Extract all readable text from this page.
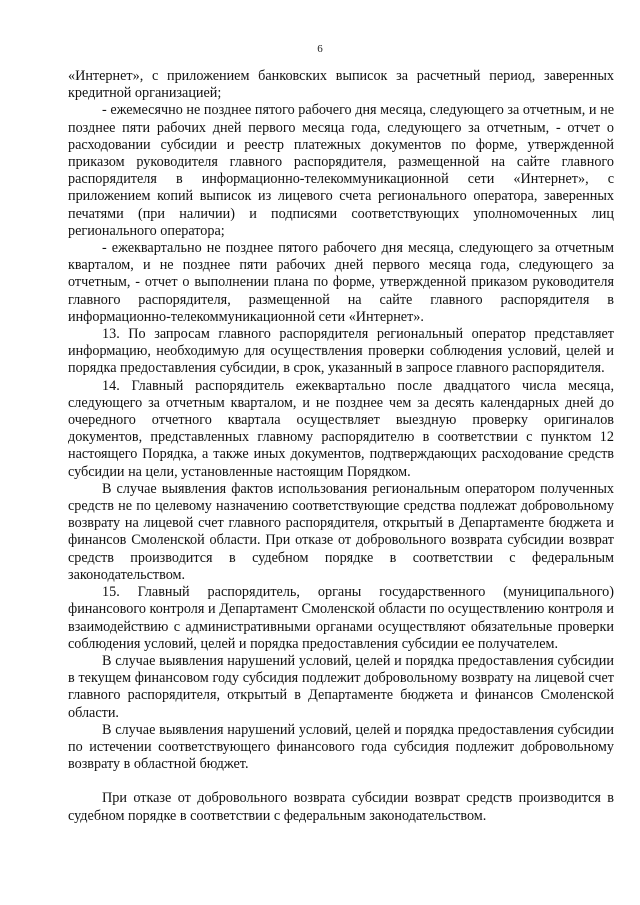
6

«Интернет», с приложением банковских выписок за расчетный период, заверенных кредитной организацией;

- ежемесячно не позднее пятого рабочего дня месяца, следующего за отчетным, и не позднее пяти рабочих дней первого месяца года, следующего за отчетным, - отчет о расходовании субсидии и реестр платежных документов по форме, утвержденной приказом руководителя главного распорядителя, размещенной на сайте главного распорядителя в информационно-телекоммуникационной сети «Интернет», с приложением копий выписок из лицевого счета регионального оператора, заверенных печатями (при наличии) и подписями соответствующих уполномоченных лиц регионального оператора;

- ежеквартально не позднее пятого рабочего дня месяца, следующего за отчетным кварталом, и не позднее пяти рабочих дней первого месяца года, следующего за отчетным, - отчет о выполнении плана по форме, утвержденной приказом руководителя главного распорядителя, размещенной на сайте главного распорядителя в информационно-телекоммуникационной сети «Интернет».

13. По запросам главного распорядителя региональный оператор представляет информацию, необходимую для осуществления проверки соблюдения условий, целей и порядка предоставления субсидии, в срок, указанный в запросе главного распорядителя.

14. Главный распорядитель ежеквартально после двадцатого числа месяца, следующего за отчетным кварталом, и не позднее чем за десять календарных дней до очередного отчетного квартала осуществляет выездную проверку оригиналов документов, представленных главному распорядителю в соответствии с пунктом 12 настоящего Порядка, а также иных документов, подтверждающих расходование средств субсидии на цели, установленные настоящим Порядком.

В случае выявления фактов использования региональным оператором полученных средств не по целевому назначению соответствующие средства подлежат добровольному возврату на лицевой счет главного распорядителя, открытый в Департаменте бюджета и финансов Смоленской области. При отказе от добровольного возврата субсидии возврат средств производится в судебном порядке в соответствии с федеральным законодательством.

15. Главный распорядитель, органы государственного (муниципального) финансового контроля и Департамент Смоленской области по осуществлению контроля и взаимодействию с административными органами осуществляют обязательные проверки соблюдения условий, целей и порядка предоставления субсидии ее получателем.

В случае выявления нарушений условий, целей и порядка предоставления субсидии в текущем финансовом году субсидия подлежит добровольному возврату на лицевой счет главного распорядителя, открытый в Департаменте бюджета и финансов Смоленской области.

В случае выявления нарушений условий, целей и порядка предоставления субсидии по истечении соответствующего финансового года субсидия подлежит добровольному возврату в областной бюджет.

При отказе от добровольного возврата субсидии возврат средств производится в судебном порядке в соответствии с федеральным законодательством.
